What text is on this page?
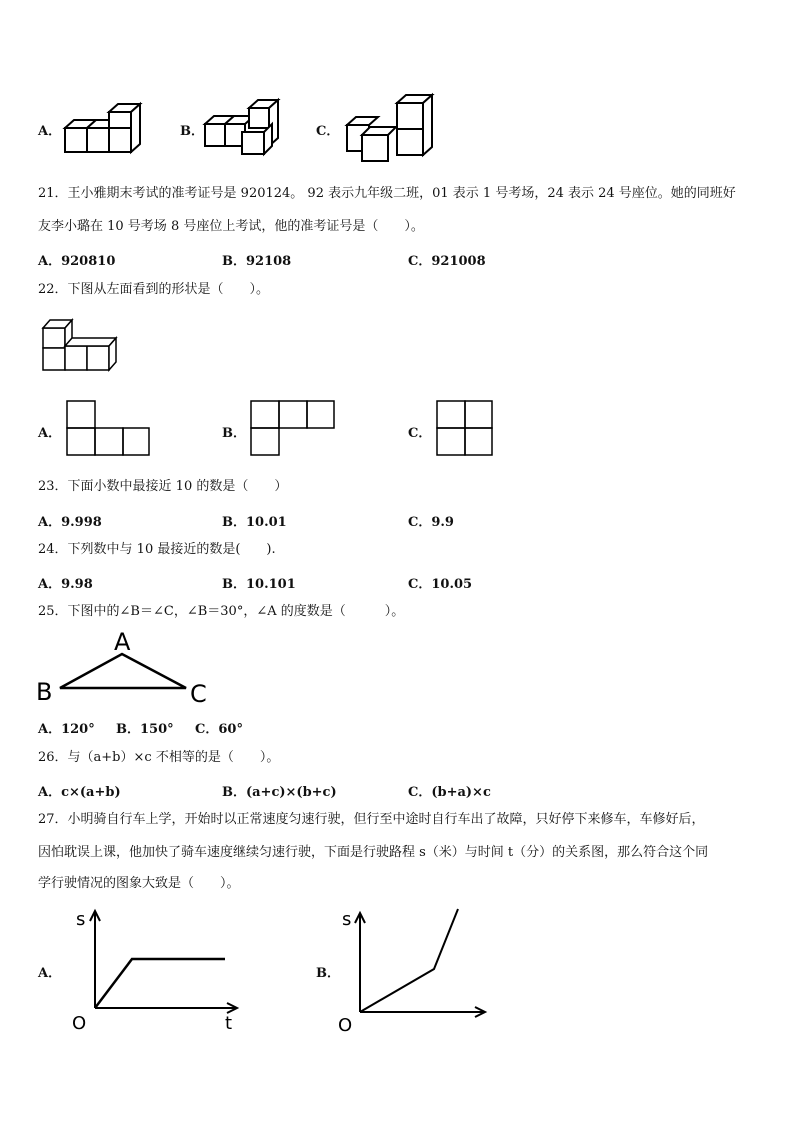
A．	B．	C．
21．王小雅期末考试的准考证号是 920124。 92 表示九年级二班，01 表示 1 号考场，24 表示 24 号座位。她的同班好
友李小璐在 10 号考场 8 号座位上考试，他的准考证号是（　　）。
A．920810	B．92108	C．921008
22．下图从左面看到的形状是（　　）。
A．	B．	C．
23．下面小数中最接近 10 的数是（　　）
A．9.998	B．10.01	C．9.9
24．下列数中与 10 最接近的数是(　　).
A．9.98	B．10.101	C．10.05
25．下图中的∠B＝∠C，∠B＝30°，∠A 的度数是（　　　）。
A
B	C
A．120° B．150° C．60°
26．与（a+b）×c 不相等的是（　　）。
A．c×(a+b)	B．(a+c)×(b+c)	C．(b+a)×c
27．小明骑自行车上学，开始时以正常速度匀速行驶，但行至中途时自行车出了故障，只好停下来修车，车修好后，
因怕耽误上课，他加快了骑车速度继续匀速行驶，下面是行驶路程 s（米）与时间 t（分）的关系图，那么符合这个同
学行驶情况的图象大致是（　　）。
A．
s
t
O
B．
s
O
